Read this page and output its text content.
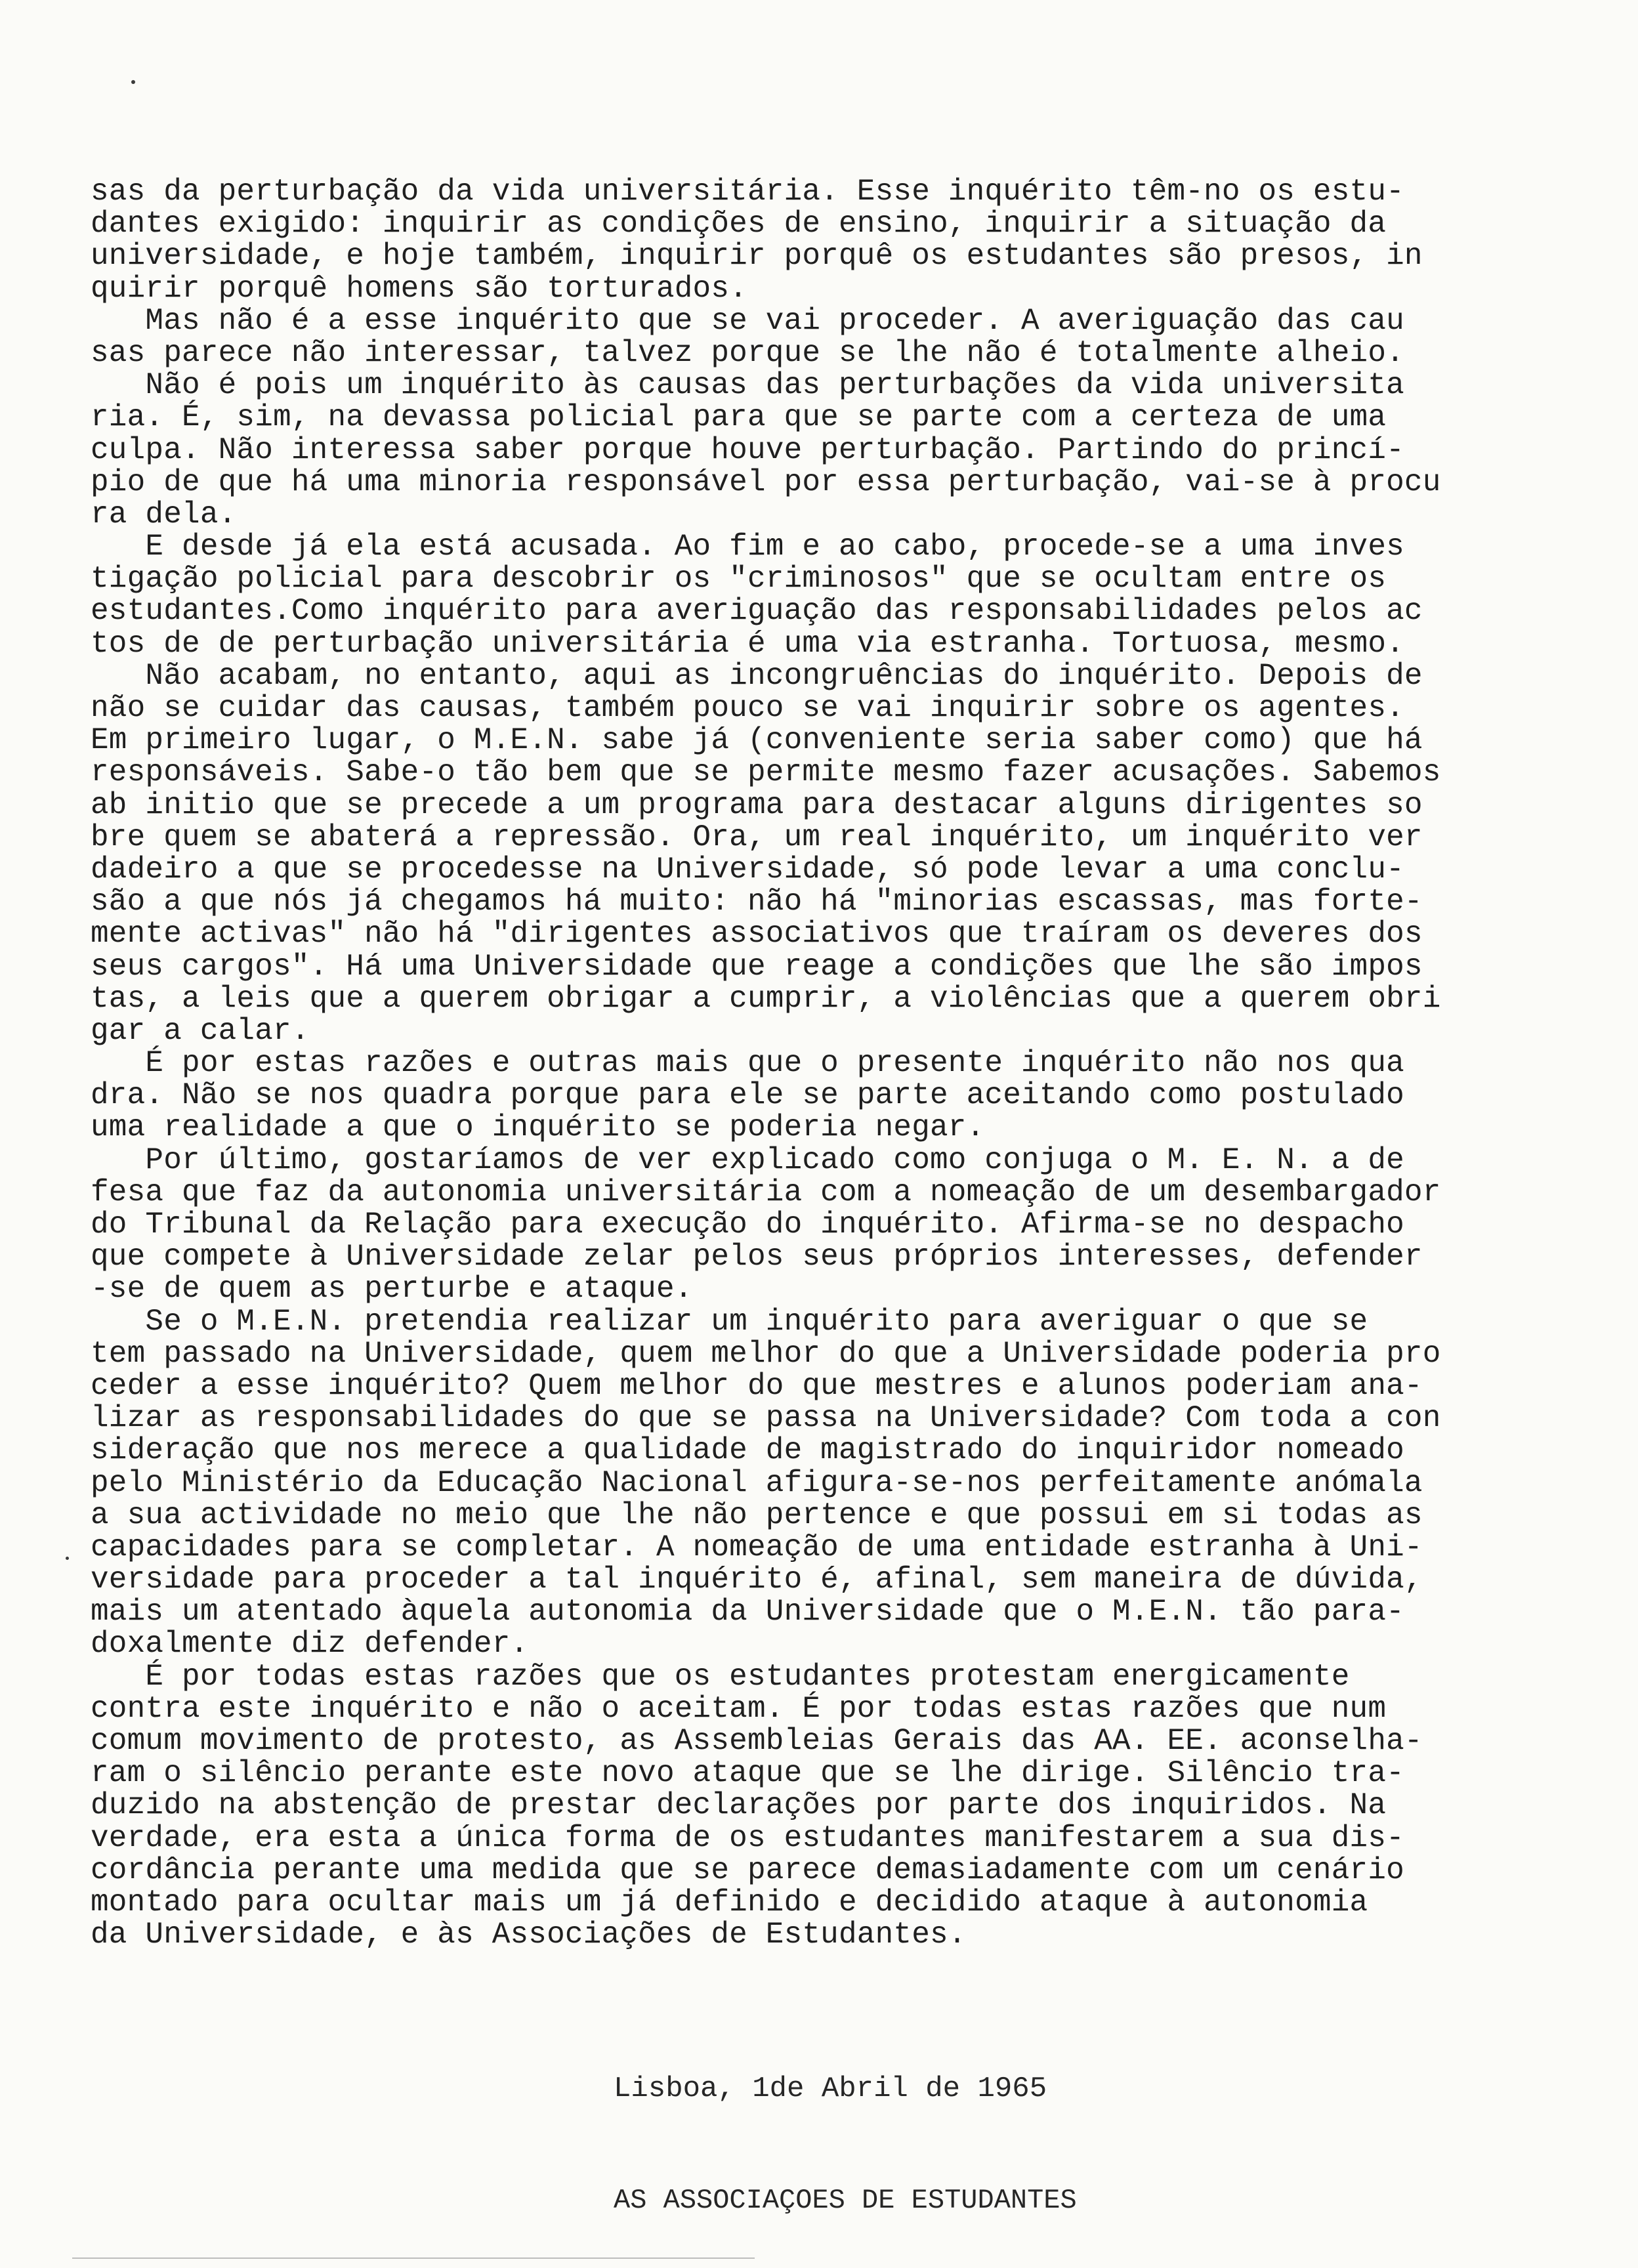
sas da perturbação da vida universitária. Esse inquérito têm-no os estu-
dantes exigido: inquirir as condições de ensino, inquirir a situação da
universidade, e hoje também, inquirir porquê os estudantes são presos, in
quirir porquê homens são torturados.
Mas não é a esse inquérito que se vai proceder. A averiguação das cau
sas parece não interessar, talvez porque se lhe não é totalmente alheio.
Não é pois um inquérito às causas das perturbações da vida universita
ria. É, sim, na devassa policial para que se parte com a certeza de uma
culpa. Não interessa saber porque houve perturbação. Partindo do princí-
pio de que há uma minoria responsável por essa perturbação, vai-se à procu
ra dela.
E desde já ela está acusada. Ao fim e ao cabo, procede-se a uma inves
tigação policial para descobrir os "criminosos" que se ocultam entre os
estudantes.Como inquérito para averiguação das responsabilidades pelos ac
tos de de perturbação universitária é uma via estranha. Tortuosa, mesmo.
Não acabam, no entanto, aqui as incongruências do inquérito. Depois de
não se cuidar das causas, também pouco se vai inquirir sobre os agentes.
Em primeiro lugar, o M.E.N. sabe já (conveniente seria saber como) que há
responsáveis. Sabe-o tão bem que se permite mesmo fazer acusações. Sabemos
ab initio que se precede a um programa para destacar alguns dirigentes so
bre quem se abaterá a repressão. Ora, um real inquérito, um inquérito ver
dadeiro a que se procedesse na Universidade, só pode levar a uma conclu-
são a que nós já chegamos há muito: não há "minorias escassas, mas forte-
mente activas" não há "dirigentes associativos que traíram os deveres dos
seus cargos". Há uma Universidade que reage a condições que lhe são impos
tas, a leis que a querem obrigar a cumprir, a violências que a querem obri
gar a calar.
É por estas razões e outras mais que o presente inquérito não nos qua
dra. Não se nos quadra porque para ele se parte aceitando como postulado
uma realidade a que o inquérito se poderia negar.
Por último, gostaríamos de ver explicado como conjuga o M. E. N. a de
fesa que faz da autonomia universitária com a nomeação de um desembargador
do Tribunal da Relação para execução do inquérito. Afirma-se no despacho
que compete à Universidade zelar pelos seus próprios interesses, defender
-se de quem as perturbe e ataque.
Se o M.E.N. pretendia realizar um inquérito para averiguar o que se
tem passado na Universidade, quem melhor do que a Universidade poderia pro
ceder a esse inquérito? Quem melhor do que mestres e alunos poderiam ana-
lizar as responsabilidades do que se passa na Universidade? Com toda a con
sideração que nos merece a qualidade de magistrado do inquiridor nomeado
pelo Ministério da Educação Nacional afigura-se-nos perfeitamente anómala
a sua actividade no meio que lhe não pertence e que possui em si todas as
capacidades para se completar. A nomeação de uma entidade estranha à Uni-
versidade para proceder a tal inquérito é, afinal, sem maneira de dúvida,
mais um atentado àquela autonomia da Universidade que o M.E.N. tão para-
doxalmente diz defender.
É por todas estas razões que os estudantes protestam energicamente
contra este inquérito e não o aceitam. É por todas estas razões que num
comum movimento de protesto, as Assembleias Gerais das AA. EE. aconselha-
ram o silêncio perante este novo ataque que se lhe dirige. Silêncio tra-
duzido na abstenção de prestar declarações por parte dos inquiridos. Na
verdade, era esta a única forma de os estudantes manifestarem a sua dis-
cordância perante uma medida que se parece demasiadamente com um cenário
montado para ocultar mais um já definido e decidido ataque à autonomia
da Universidade, e às Associações de Estudantes.
Lisboa, 1de Abril de 1965
AS ASSOCIAÇOES DE ESTUDANTES
